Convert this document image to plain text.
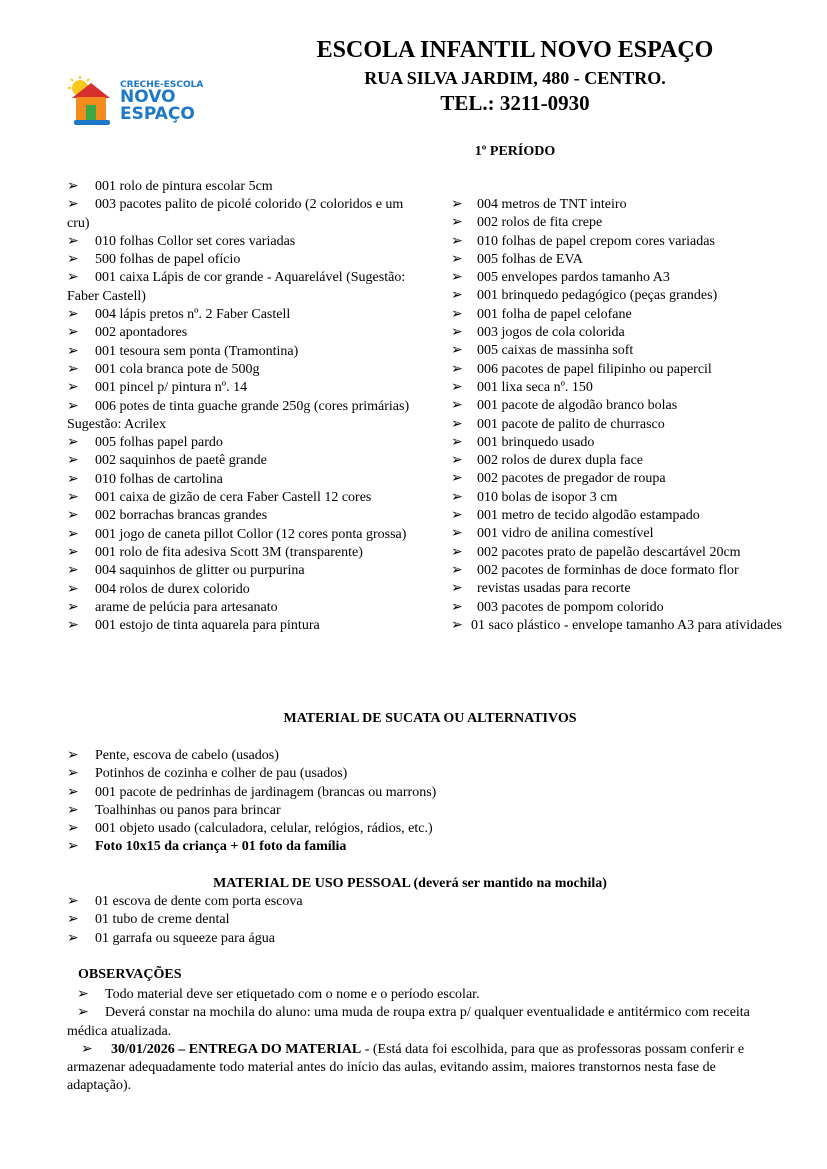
CRECHE-ESCOLA
NOVO
ESPAÇO
ESCOLA INFANTIL NOVO ESPAÇO
RUA SILVA JARDIM, 480 - CENTRO.
TEL.: 3211-0930
1º PERÍODO
➢	001 rolo de pintura escolar 5cm
➢	003 pacotes palito de picolé colorido (2 coloridos e um cru)
➢	010 folhas Collor set cores variadas
➢	500 folhas de papel ofício
➢	001 caixa Lápis de cor grande - Aquarelável (Sugestão: Faber Castell)
➢	004 lápis pretos nº. 2 Faber Castell
➢	002 apontadores
➢	001 tesoura sem ponta (Tramontina)
➢	001 cola branca pote de 500g
➢	001 pincel p/ pintura nº. 14
➢	006 potes de tinta guache grande 250g (cores primárias) Sugestão: Acrilex
➢	005 folhas papel pardo
➢	002 saquinhos de paetê grande
➢	010 folhas de cartolina
➢	001 caixa de gizão de cera Faber Castell 12 cores
➢	002 borrachas brancas grandes
➢	001 jogo de caneta pillot Collor (12 cores ponta grossa)
➢	001 rolo de fita adesiva Scott 3M (transparente)
➢	004 saquinhos de glitter ou purpurina
➢	004 rolos de durex colorido
➢	arame de pelúcia para artesanato
➢	001 estojo de tinta aquarela para pintura
➢	004 metros de TNT inteiro
➢	002 rolos de fita crepe
➢	010 folhas de papel crepom cores variadas
➢	005 folhas de EVA
➢	005 envelopes pardos tamanho A3
➢	001 brinquedo pedagógico (peças grandes)
➢	001 folha de papel celofane
➢	003 jogos de cola colorida
➢	005 caixas de massinha soft
➢	006 pacotes de papel filipinho ou papercil
➢	001 lixa seca nº. 150
➢	001 pacote de algodão branco bolas
➢	001 pacote de palito de churrasco
➢	001 brinquedo usado
➢	002 rolos de durex dupla face
➢	002 pacotes de pregador de roupa
➢	010 bolas de isopor 3 cm
➢	001 metro de tecido algodão estampado
➢	001 vidro de anilina comestível
➢	002 pacotes prato de papelão descartável 20cm
➢	002 pacotes de forminhas de doce formato flor
➢	revistas usadas para recorte
➢	003 pacotes de pompom colorido
➢ 01 saco plástico - envelope tamanho A3 para atividades
MATERIAL DE SUCATA OU ALTERNATIVOS
➢	Pente, escova de cabelo (usados)
➢	Potinhos de cozinha e colher de pau (usados)
➢	001 pacote de pedrinhas de jardinagem (brancas ou marrons)
➢	Toalhinhas ou panos para brincar
➢	001 objeto usado (calculadora, celular, relógios, rádios, etc.)
➢	Foto 10x15 da criança + 01 foto da família
MATERIAL DE USO PESSOAL (deverá ser mantido na mochila)
➢	01 escova de dente com porta escova
➢	01 tubo de creme dental
➢	01 garrafa ou squeeze para água
OBSERVAÇÕES
➢ Todo material deve ser etiquetado com o nome e o período escolar.
➢ Deverá constar na mochila do aluno: uma muda de roupa extra p/ qualquer eventualidade e antitérmico com receita médica atualizada.
➢ 30/01/2026 – ENTREGA DO MATERIAL - (Está data foi escolhida, para que as professoras possam conferir e armazenar adequadamente todo material antes do início das aulas, evitando assim, maiores transtornos nesta fase de adaptação).
